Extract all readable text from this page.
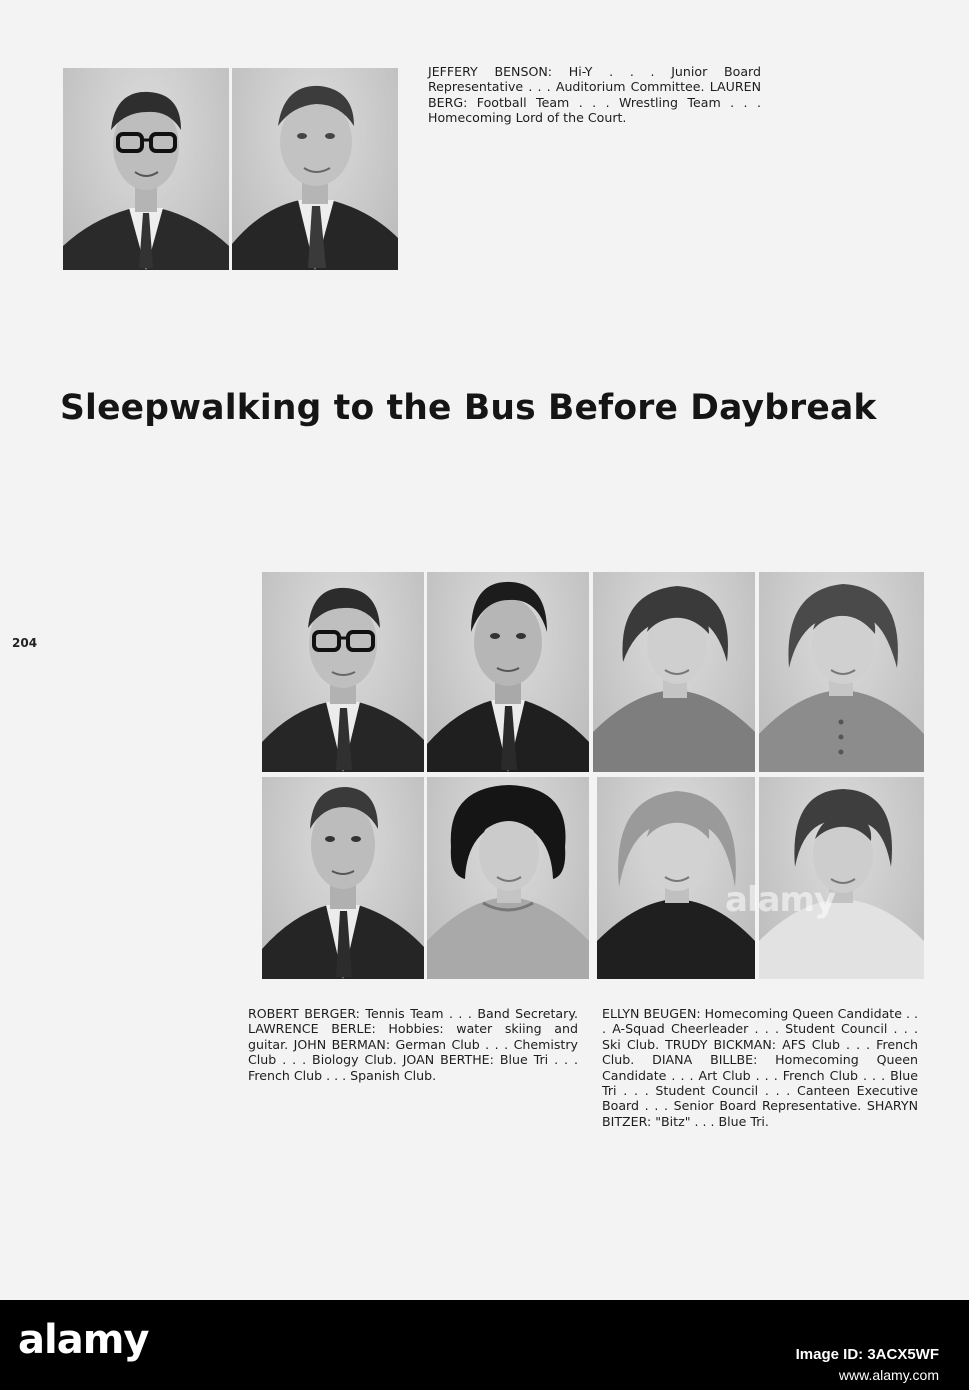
JEFFERY BENSON: Hi-Y . . . Junior Board Representative . . . Auditorium Committee. LAUREN BERG: Football Team . . . Wrestling Team . . . Homecoming Lord of the Court.
Sleepwalking to the Bus Before Daybreak
204
alamy
ROBERT BERGER: Tennis Team . . . Band Secretary. LAWRENCE BERLE: Hobbies: water skiing and guitar. JOHN BERMAN: German Club . . . Chemistry Club . . . Biology Club. JOAN BERTHE: Blue Tri . . . French Club . . . Spanish Club.
ELLYN BEUGEN: Homecoming Queen Candidate . . . A-Squad Cheerleader . . . Student Council . . . Ski Club. TRUDY BICKMAN: AFS Club . . . French Club. DIANA BILLBE: Homecoming Queen Candidate . . . Art Club . . . French Club . . . Blue Tri . . . Student Council . . . Canteen Executive Board . . . Senior Board Representative. SHARYN BITZER: "Bitz" . . . Blue Tri.
alamy	Image ID: 3ACX5WF
www.alamy.com
